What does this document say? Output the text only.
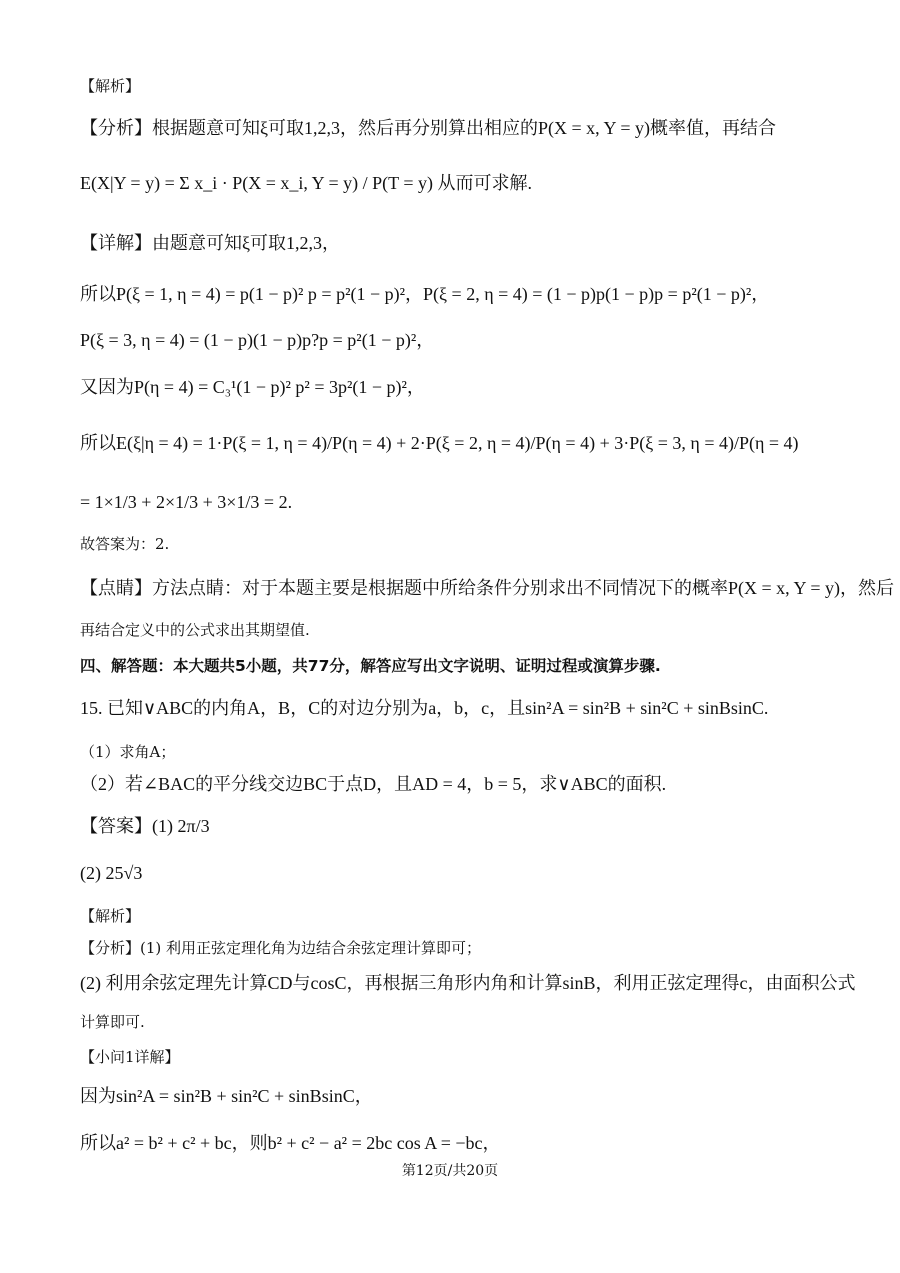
【解析】
【分析】根据题意可知ξ可取1,2,3，然后再分别算出相应的P(X = x, Y = y)概率值，再结合
E(X|Y = y) = Σ x_i · P(X = x_i, Y = y) / P(T = y) 从而可求解.
【详解】由题意可知ξ可取1,2,3，
所以P(ξ = 1, η = 4) = p(1 − p)² p = p²(1 − p)²，P(ξ = 2, η = 4) = (1 − p)p(1 − p)p = p²(1 − p)²，
P(ξ = 3, η = 4) = (1 − p)(1 − p)p?p = p²(1 − p)²，
又因为P(η = 4) = C₃¹(1 − p)² p² = 3p²(1 − p)²，
所以E(ξ|η = 4) = 1·P(ξ = 1, η = 4)/P(η = 4) + 2·P(ξ = 2, η = 4)/P(η = 4) + 3·P(ξ = 3, η = 4)/P(η = 4)
= 1×1/3 + 2×1/3 + 3×1/3 = 2.
故答案为：2.
【点睛】方法点睛：对于本题主要是根据题中所给条件分别求出不同情况下的概率P(X = x, Y = y)，然后
再结合定义中的公式求出其期望值.
四、解答题：本大题共5小题，共77分，解答应写出文字说明、证明过程或演算步骤.
15. 已知∨ABC的内角A，B，C的对边分别为a，b，c，且sin²A = sin²B + sin²C + sinBsinC.
（1）求角A；
（2）若∠BAC的平分线交边BC于点D，且AD = 4，b = 5，求∨ABC的面积.
【答案】(1) 2π/3
(2) 25√3
【解析】
【分析】(1) 利用正弦定理化角为边结合余弦定理计算即可；
(2) 利用余弦定理先计算CD与cosC，再根据三角形内角和计算sinB，利用正弦定理得c，由面积公式
计算即可.
【小问1详解】
因为sin²A = sin²B + sin²C + sinBsinC，
所以a² = b² + c² + bc，则b² + c² − a² = 2bc cos A = −bc，
第12页/共20页
